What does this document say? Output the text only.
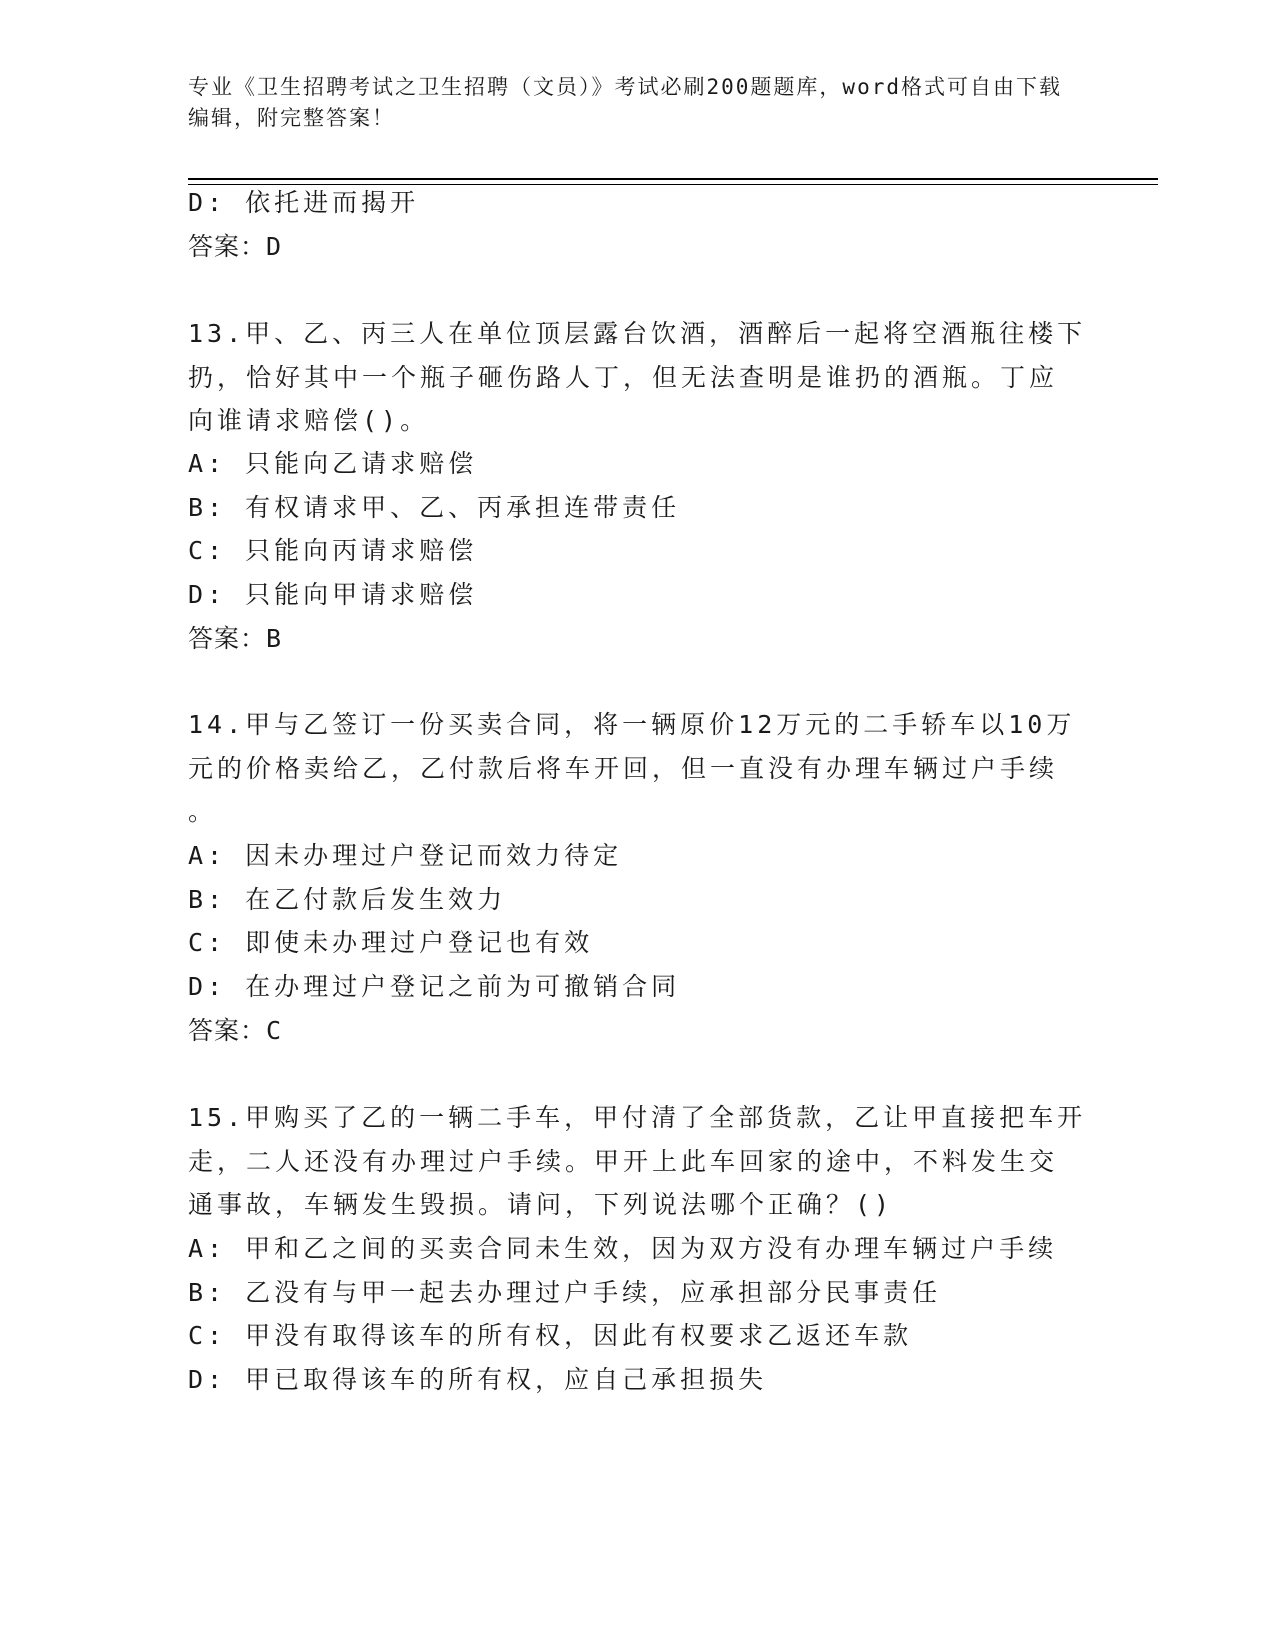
专业《卫生招聘考试之卫生招聘（文员）》考试必刷200题题库，word格式可自由下载编辑，附完整答案！

D: 依托进而揭开

答案：D

13.甲、乙、丙三人在单位顶层露台饮酒，酒醉后一起将空酒瓶往楼下

扔，恰好其中一个瓶子砸伤路人丁，但无法查明是谁扔的酒瓶。丁应

向谁请求赔偿()。

A: 只能向乙请求赔偿

B: 有权请求甲、乙、丙承担连带责任

C: 只能向丙请求赔偿

D: 只能向甲请求赔偿

答案：B

14.甲与乙签订一份买卖合同，将一辆原价12万元的二手轿车以10万

元的价格卖给乙，乙付款后将车开回，但一直没有办理车辆过户手续

。

A: 因未办理过户登记而效力待定

B: 在乙付款后发生效力

C: 即使未办理过户登记也有效

D: 在办理过户登记之前为可撤销合同

答案：C

15.甲购买了乙的一辆二手车，甲付清了全部货款，乙让甲直接把车开

走，二人还没有办理过户手续。甲开上此车回家的途中，不料发生交

通事故，车辆发生毁损。请问，下列说法哪个正确？()

A: 甲和乙之间的买卖合同未生效，因为双方没有办理车辆过户手续

B: 乙没有与甲一起去办理过户手续，应承担部分民事责任

C: 甲没有取得该车的所有权，因此有权要求乙返还车款

D: 甲已取得该车的所有权，应自己承担损失
